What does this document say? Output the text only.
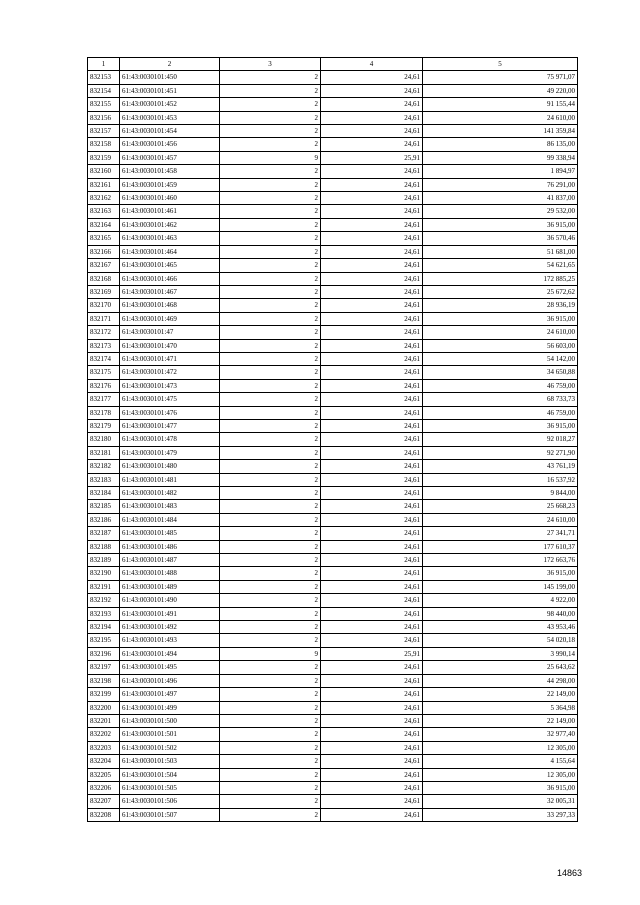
1	2	3	4	5
832153	61:43:0030101:450	2	24,61	75 971,07
832154	61:43:0030101:451	2	24,61	49 220,00
832155	61:43:0030101:452	2	24,61	91 155,44
832156	61:43:0030101:453	2	24,61	24 610,00
832157	61:43:0030101:454	2	24,61	141 359,84
832158	61:43:0030101:456	2	24,61	86 135,00
832159	61:43:0030101:457	9	25,91	99 338,94
832160	61:43:0030101:458	2	24,61	1 894,97
832161	61:43:0030101:459	2	24,61	76 291,00
832162	61:43:0030101:460	2	24,61	41 837,00
832163	61:43:0030101:461	2	24,61	29 532,00
832164	61:43:0030101:462	2	24,61	36 915,00
832165	61:43:0030101:463	2	24,61	36 570,46
832166	61:43:0030101:464	2	24,61	51 681,00
832167	61:43:0030101:465	2	24,61	54 621,65
832168	61:43:0030101:466	2	24,61	172 885,25
832169	61:43:0030101:467	2	24,61	25 672,62
832170	61:43:0030101:468	2	24,61	28 936,19
832171	61:43:0030101:469	2	24,61	36 915,00
832172	61:43:0030101:47	2	24,61	24 610,00
832173	61:43:0030101:470	2	24,61	56 603,00
832174	61:43:0030101:471	2	24,61	54 142,00
832175	61:43:0030101:472	2	24,61	34 650,88
832176	61:43:0030101:473	2	24,61	46 759,00
832177	61:43:0030101:475	2	24,61	68 733,73
832178	61:43:0030101:476	2	24,61	46 759,00
832179	61:43:0030101:477	2	24,61	36 915,00
832180	61:43:0030101:478	2	24,61	92 018,27
832181	61:43:0030101:479	2	24,61	92 271,90
832182	61:43:0030101:480	2	24,61	43 761,19
832183	61:43:0030101:481	2	24,61	16 537,92
832184	61:43:0030101:482	2	24,61	9 844,00
832185	61:43:0030101:483	2	24,61	25 668,23
832186	61:43:0030101:484	2	24,61	24 610,00
832187	61:43:0030101:485	2	24,61	27 341,71
832188	61:43:0030101:486	2	24,61	177 610,37
832189	61:43:0030101:487	2	24,61	172 663,76
832190	61:43:0030101:488	2	24,61	36 915,00
832191	61:43:0030101:489	2	24,61	145 199,00
832192	61:43:0030101:490	2	24,61	4 922,00
832193	61:43:0030101:491	2	24,61	98 440,00
832194	61:43:0030101:492	2	24,61	43 953,46
832195	61:43:0030101:493	2	24,61	54 020,18
832196	61:43:0030101:494	9	25,91	3 990,14
832197	61:43:0030101:495	2	24,61	25 643,62
832198	61:43:0030101:496	2	24,61	44 298,00
832199	61:43:0030101:497	2	24,61	22 149,00
832200	61:43:0030101:499	2	24,61	5 364,98
832201	61:43:0030101:500	2	24,61	22 149,00
832202	61:43:0030101:501	2	24,61	32 977,40
832203	61:43:0030101:502	2	24,61	12 305,00
832204	61:43:0030101:503	2	24,61	4 155,64
832205	61:43:0030101:504	2	24,61	12 305,00
832206	61:43:0030101:505	2	24,61	36 915,00
832207	61:43:0030101:506	2	24,61	32 005,31
832208	61:43:0030101:507	2	24,61	33 297,33
14863
